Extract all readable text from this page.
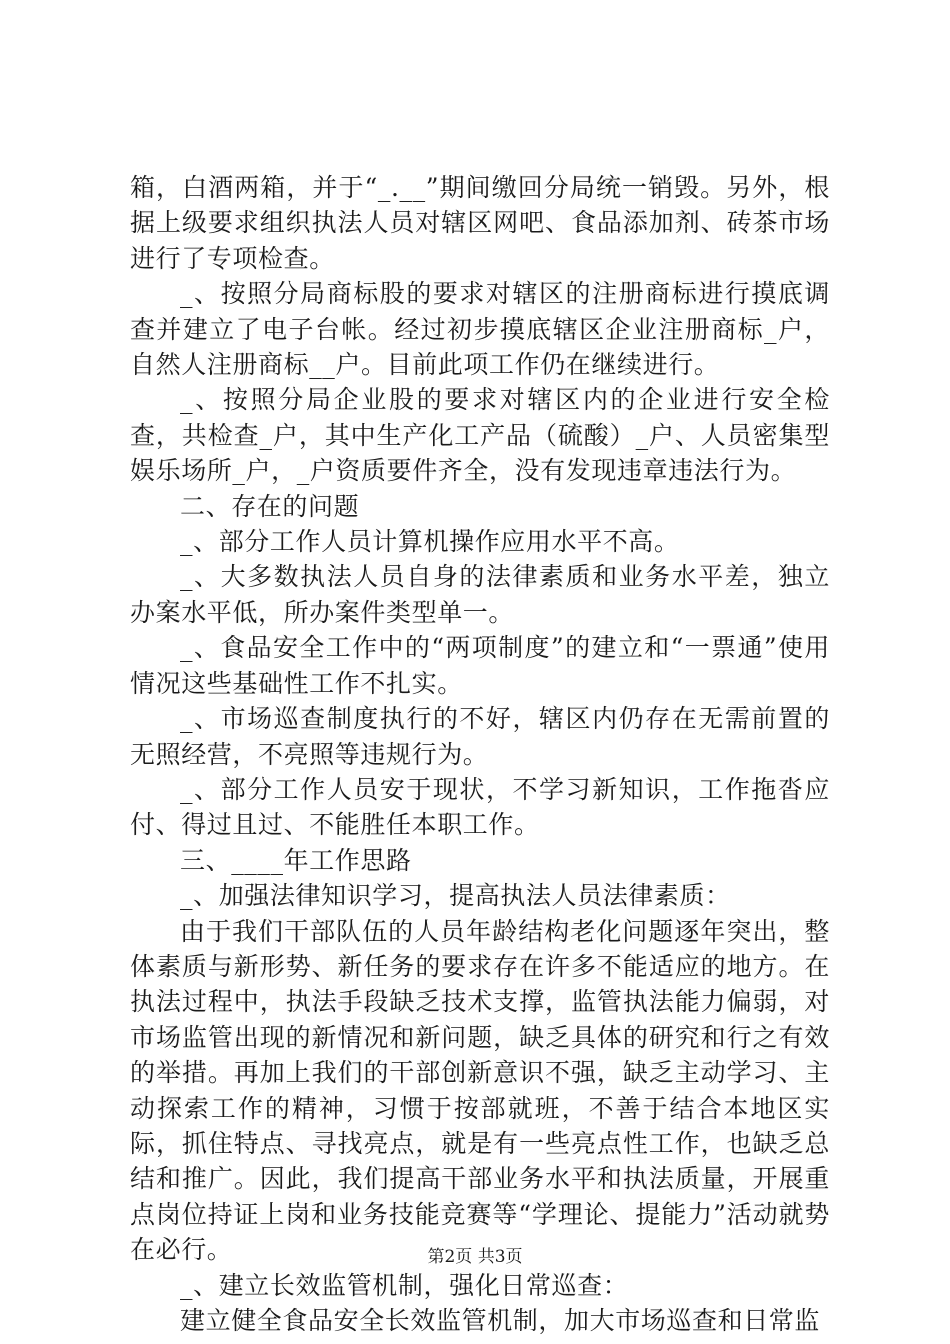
箱，白酒两箱，并于“_.__”期间缴回分局统一销毁。另外，根据上级要求组织执法人员对辖区网吧、食品添加剂、砖茶市场进行了专项检查。

_、按照分局商标股的要求对辖区的注册商标进行摸底调查并建立了电子台帐。经过初步摸底辖区企业注册商标_户，自然人注册商标__户。目前此项工作仍在继续进行。

_、按照分局企业股的要求对辖区内的企业进行安全检查，共检查_户，其中生产化工产品（硫酸）_户、人员密集型娱乐场所_户，_户资质要件齐全，没有发现违章违法行为。

二、存在的问题

_、部分工作人员计算机操作应用水平不高。

_、大多数执法人员自身的法律素质和业务水平差，独立办案水平低，所办案件类型单一。

_、食品安全工作中的“两项制度”的建立和“一票通”使用情况这些基础性工作不扎实。

_、市场巡查制度执行的不好，辖区内仍存在无需前置的无照经营，不亮照等违规行为。

_、部分工作人员安于现状，不学习新知识，工作拖沓应付、得过且过、不能胜任本职工作。

三、____年工作思路

_、加强法律知识学习，提高执法人员法律素质：

由于我们干部队伍的人员年龄结构老化问题逐年突出，整体素质与新形势、新任务的要求存在许多不能适应的地方。在执法过程中，执法手段缺乏技术支撑，监管执法能力偏弱，对市场监管出现的新情况和新问题，缺乏具体的研究和行之有效的举措。再加上我们的干部创新意识不强，缺乏主动学习、主动探索工作的精神，习惯于按部就班，不善于结合本地区实际，抓住特点、寻找亮点，就是有一些亮点性工作，也缺乏总结和推广。因此，我们提高干部业务水平和执法质量，开展重点岗位持证上岗和业务技能竞赛等“学理论、提能力”活动就势在必行。

_、建立长效监管机制，强化日常巡查：

建立健全食品安全长效监管机制，加大市场巡查和日常监

第2页 共3页
